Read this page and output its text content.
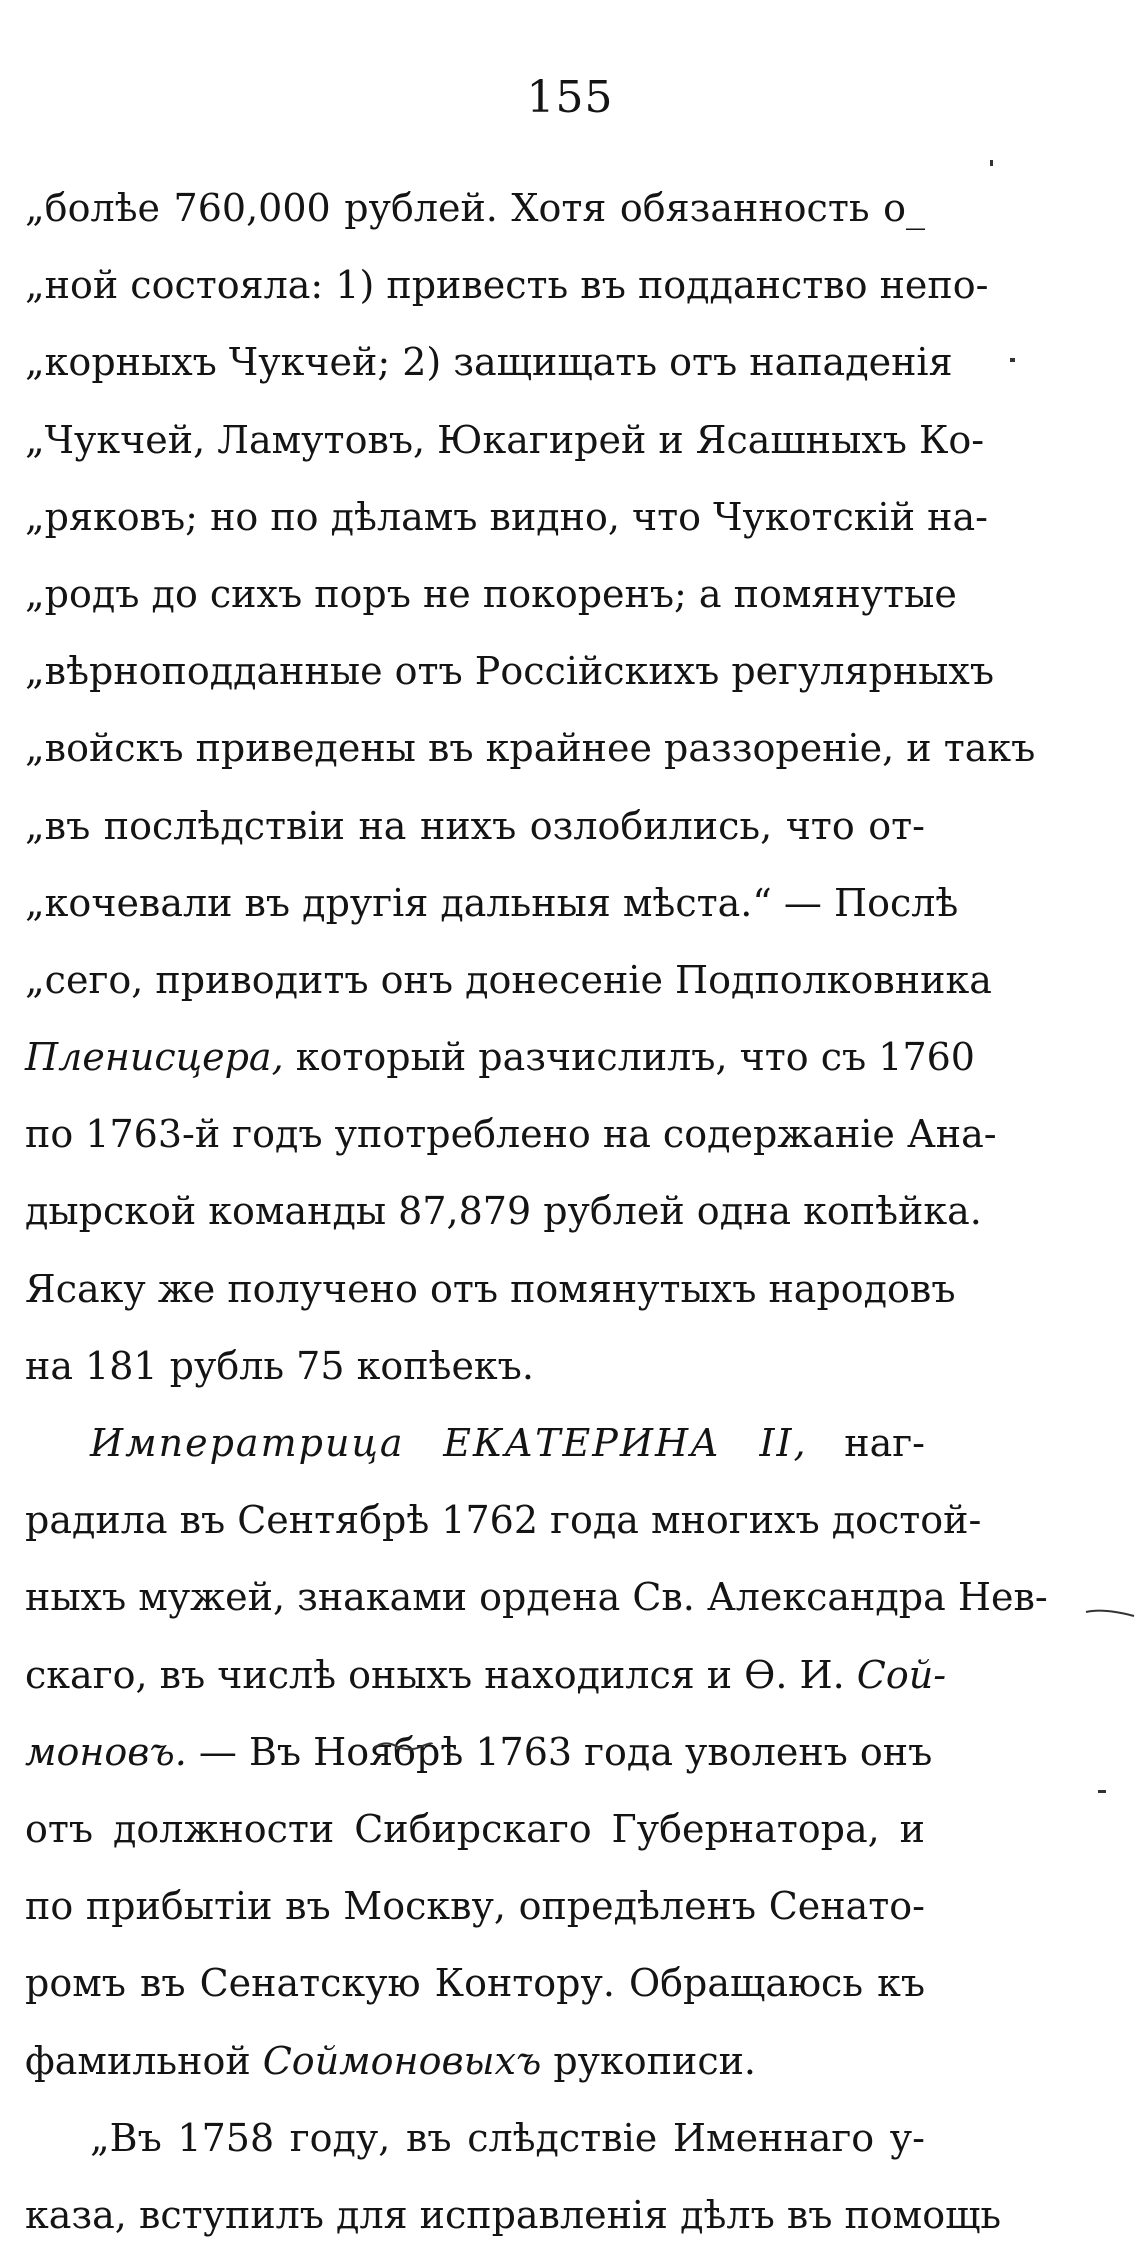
155
„болѣе 760,000 рублей. Хотя обязанность о_
„ной состояла: 1) привесть въ подданство непо-
„корныхъ Чукчей; 2) защищать отъ нападенія
„Чукчей, Ламутовъ, Юкагирей и Ясашныхъ Ко-
„ряковъ; но по дѣламъ видно, что Чукотскій на-
„родъ до сихъ поръ не покоренъ; а помянутые
„вѣрноподданные отъ Россійскихъ регулярныхъ
„войскъ приведены въ крайнее раззореніе, и такъ
„въ послѣдствіи на нихъ озлобились, что от-
„кочевали въ другія дальныя мѣста.“ — Послѣ
„сего, приводитъ онъ донесеніе Подполковника
Пленисцера, который разчислилъ, что съ 1760
по 1763-й годъ употреблено на содержаніе Ана-
дырской команды 87,879 рублей одна копѣйка.
Ясаку же получено отъ помянутыхъ народовъ
на 181 рубль 75 копѣекъ.
Императрица ЕКАТЕРИНА II, наг-
радила въ Сентябрѣ 1762 года многихъ достой-
ныхъ мужей, знаками ордена Св. Александра Нев-
скаго, въ числѣ оныхъ находился и Ѳ. И. Сой-
моновъ. — Въ Ноябрѣ 1763 года уволенъ онъ
отъ должности Сибирскаго Губернатора, и
по прибытіи въ Москву, опредѣленъ Сенато-
ромъ въ Сенатскую Контору. Обращаюсь къ
фамильной Соймоновыхъ рукописи.
„Въ 1758 году, въ слѣдствіе Именнаго у-
каза, вступилъ для исправленія дѣлъ въ помощь
